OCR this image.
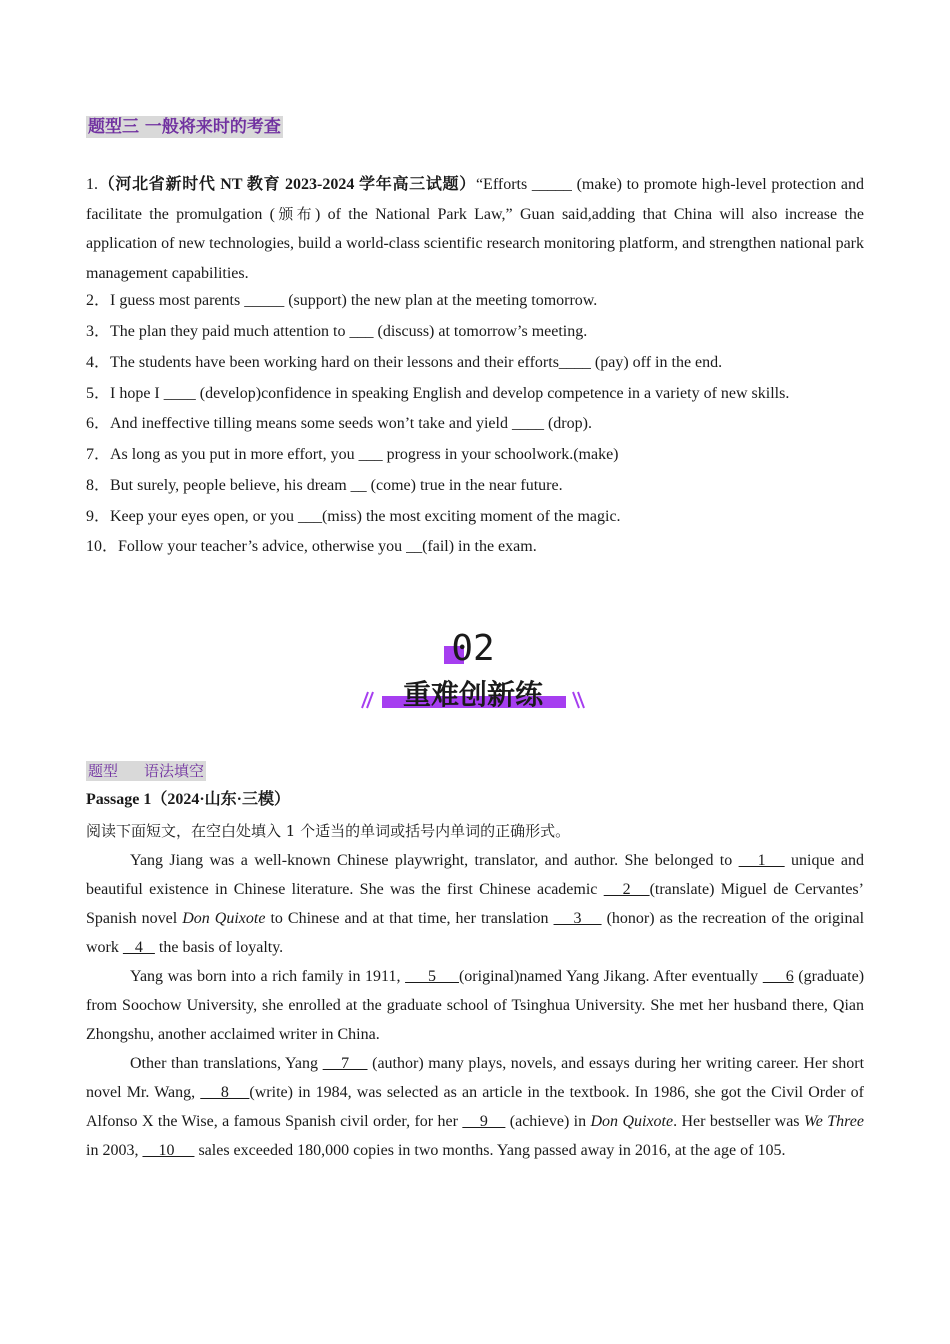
题型三 一般将来时的考查
1.（河北省新时代 NT 教育 2023-2024 学年高三试题）“Efforts _____ (make) to promote high-level protection and facilitate the promulgation (颁布) of the National Park Law,” Guan said,adding that China will also increase the application of new technologies, build a world-class scientific research monitoring platform, and strengthen national park management capabilities.
2．I guess most parents _____ (support) the new plan at the meeting tomorrow.
3．The plan they paid much attention to ___ (discuss) at tomorrow’s meeting.
4．The students have been working hard on their lessons and their efforts____ (pay) off in the end.
5．I hope I ____ (develop)confidence in speaking English and develop competence in a variety of new skills.
6．And ineffective tilling means some seeds won’t take and yield ____ (drop).
7．As long as you put in more effort, you ___ progress in your schoolwork.(make)
8．But surely, people believe, his dream __ (come) true in the near future.
9．Keep your eyes open, or you ___(miss) the most exciting moment of the magic.
10．Follow your teacher’s advice, otherwise you __(fail) in the exam.
02
重难创新练
题型 语法填空
Passage 1（2024·山东·三模）
阅读下面短文，在空白处填入 1 个适当的单词或括号内单词的正确形式。
Yang Jiang was a well-known Chinese playwright, translator, and author. She belonged to    1    unique and beautiful existence in Chinese literature. She was the first Chinese academic    2   (translate) Miguel de Cervantes’ Spanish novel Don Quixote to Chinese and at that time, her translation     3     (honor) as the recreation of the original work    4    the basis of loyalty.
Yang was born into a rich family in 1911,      5     (original)named Yang Jikang. After eventually      6 (graduate) from Soochow University, she enrolled at the graduate school of Tsinghua University. She met her husband there, Qian Zhongshu, another acclaimed writer in China.
Other than translations, Yang     7     (author) many plays, novels, and essays during her writing career. Her short novel Mr. Wang,     8    (write) in 1984, was selected as an article in the textbook. In 1986, she got the Civil Order of Alfonso X the Wise, a famous Spanish civil order, for her     9     (achieve) in Don Quixote. Her bestseller was We Three in 2003,     10      sales exceeded 180,000 copies in two months. Yang passed away in 2016, at the age of 105.
